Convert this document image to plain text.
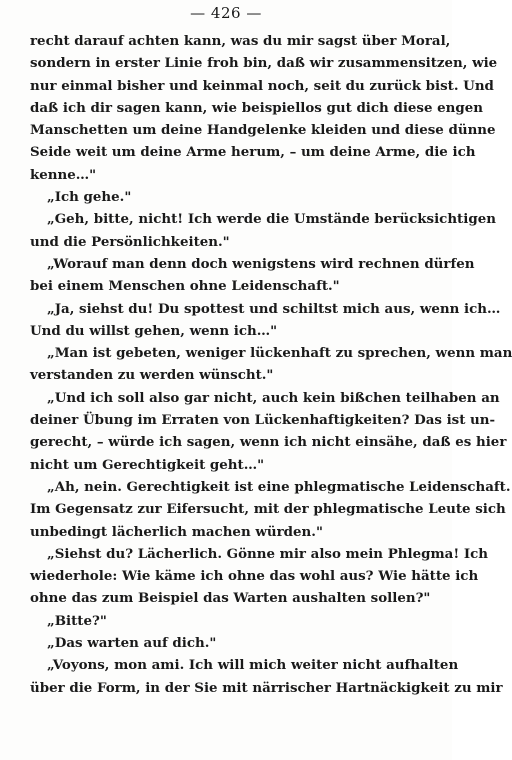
— 426 —
recht darauf achten kann, was du mir sagst über Moral,
sondern in erster Linie froh bin, daß wir zusammensitzen, wie
nur einmal bisher und keinmal noch, seit du zurück bist. Und
daß ich dir sagen kann, wie beispiellos gut dich diese engen
Manschetten um deine Handgelenke kleiden und diese dünne
Seide weit um deine Arme herum, – um deine Arme, die ich
kenne…"
„Ich gehe."
„Geh, bitte, nicht! Ich werde die Umstände berücksichtigen
und die Persönlichkeiten."
„Worauf man denn doch wenigstens wird rechnen dürfen
bei einem Menschen ohne Leidenschaft."
„Ja, siehst du! Du spottest und schiltst mich aus, wenn ich…
Und du willst gehen, wenn ich…"
„Man ist gebeten, weniger lückenhaft zu sprechen, wenn man
verstanden zu werden wünscht."
„Und ich soll also gar nicht, auch kein bißchen teilhaben an
deiner Übung im Erraten von Lückenhaftigkeiten? Das ist un-
gerecht, – würde ich sagen, wenn ich nicht einsähe, daß es hier
nicht um Gerechtigkeit geht…"
„Ah, nein. Gerechtigkeit ist eine phlegmatische Leidenschaft.
Im Gegensatz zur Eifersucht, mit der phlegmatische Leute sich
unbedingt lächerlich machen würden."
„Siehst du? Lächerlich. Gönne mir also mein Phlegma! Ich
wiederhole: Wie käme ich ohne das wohl aus? Wie hätte ich
ohne das zum Beispiel das Warten aushalten sollen?"
„Bitte?"
„Das warten auf dich."
„Voyons, mon ami. Ich will mich weiter nicht aufhalten
über die Form, in der Sie mit närrischer Hartnäckigkeit zu mir
